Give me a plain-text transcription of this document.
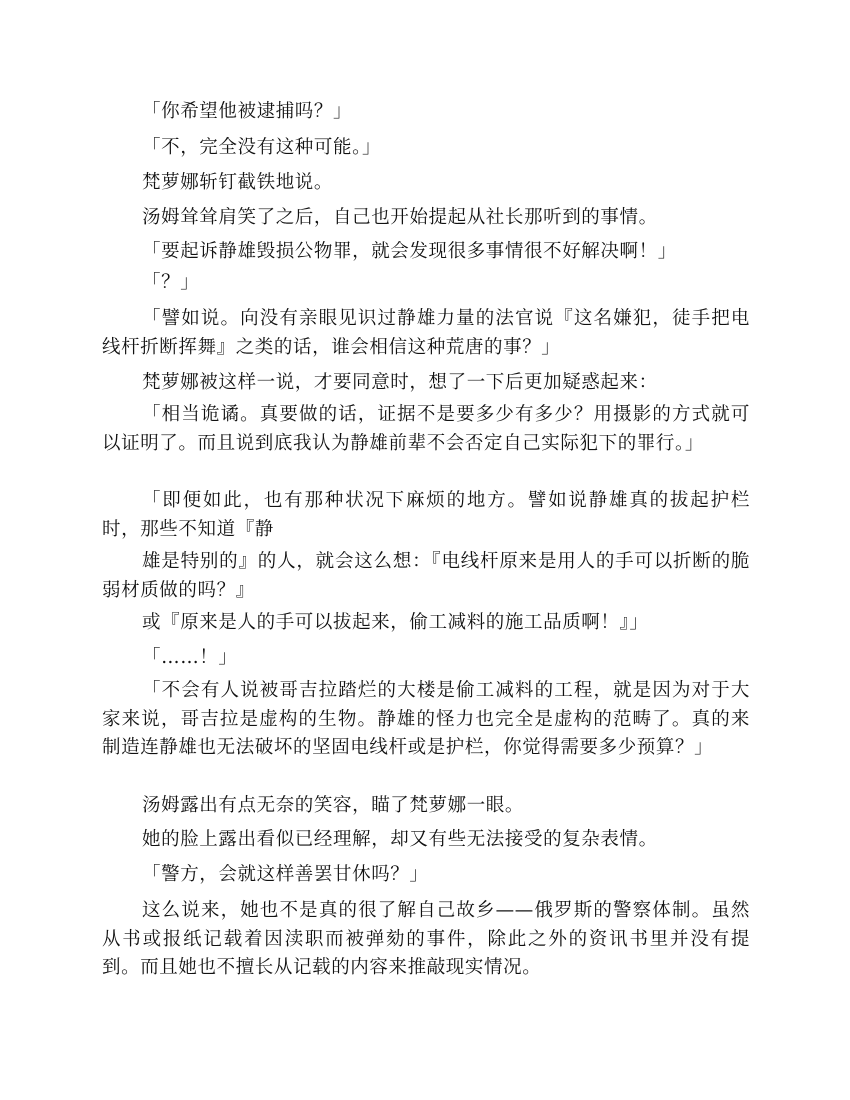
「你希望他被逮捕吗？」

「不，完全没有这种可能。」

梵萝娜斩钉截铁地说。

汤姆耸耸肩笑了之后，自己也开始提起从社长那听到的事情。

「要起诉静雄毁损公物罪，就会发现很多事情很不好解决啊！」

「？」

「譬如说。向没有亲眼见识过静雄力量的法官说『这名嫌犯，徒手把电线杆折断挥舞』之类的话，谁会相信这种荒唐的事？」

梵萝娜被这样一说，才要同意时，想了一下后更加疑惑起来：

「相当诡谲。真要做的话，证据不是要多少有多少？用摄影的方式就可以证明了。而且说到底我认为静雄前辈不会否定自己实际犯下的罪行。」

「即便如此，也有那种状况下麻烦的地方。譬如说静雄真的拔起护栏时，那些不知道『静

雄是特别的』的人，就会这么想：『电线杆原来是用人的手可以折断的脆弱材质做的吗？』

或『原来是人的手可以拔起来，偷工减料的施工品质啊！』」

「……！」

「不会有人说被哥吉拉踏烂的大楼是偷工减料的工程，就是因为对于大家来说，哥吉拉是虚构的生物。静雄的怪力也完全是虚构的范畴了。真的来制造连静雄也无法破坏的坚固电线杆或是护栏，你觉得需要多少预算？」

汤姆露出有点无奈的笑容，瞄了梵萝娜一眼。

她的脸上露出看似已经理解，却又有些无法接受的复杂表情。

「警方，会就这样善罢甘休吗？」

这么说来，她也不是真的很了解自己故乡——俄罗斯的警察体制。虽然从书或报纸记载着因渎职而被弹劾的事件，除此之外的资讯书里并没有提到。而且她也不擅长从记载的内容来推敲现实情况。
